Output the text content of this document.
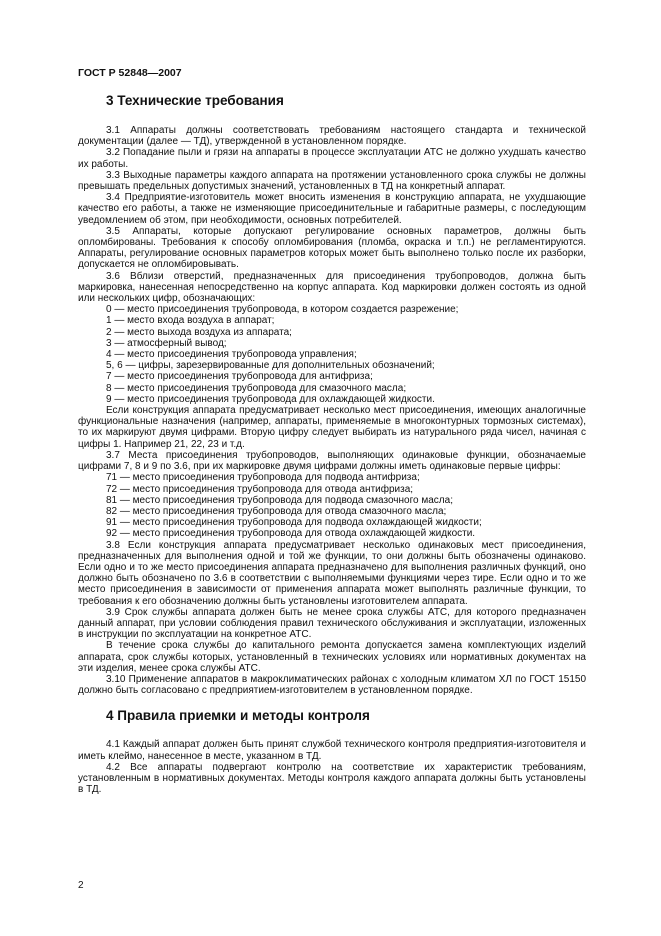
ГОСТ Р 52848—2007
3 Технические требования

3.1 Аппараты должны соответствовать требованиям настоящего стандарта и технической документации (далее — ТД), утвержденной в установленном порядке.

3.2 Попадание пыли и грязи на аппараты в процессе эксплуатации АТС не должно ухудшать качество их работы.

3.3 Выходные параметры каждого аппарата на протяжении установленного срока службы не должны превышать предельных допустимых значений, установленных в ТД на конкретный аппарат.

3.4 Предприятие-изготовитель может вносить изменения в конструкцию аппарата, не ухудшающие качество его работы, а также не изменяющие присоединительные и габаритные размеры, с последующим уведомлением об этом, при необходимости, основных потребителей.

3.5 Аппараты, которые допускают регулирование основных параметров, должны быть опломбированы. Требования к способу опломбирования (пломба, окраска и т.п.) не регламентируются. Аппараты, регулирование основных параметров которых может быть выполнено только после их разборки, допускается не опломбировывать.

3.6 Вблизи отверстий, предназначенных для присоединения трубопроводов, должна быть маркировка, нанесенная непосредственно на корпус аппарата. Код маркировки должен состоять из одной или нескольких цифр, обозначающих:

0 — место присоединения трубопровода, в котором создается разрежение;

1 — место входа воздуха в аппарат;

2 — место выхода воздуха из аппарата;

3 — атмосферный вывод;

4 — место присоединения трубопровода управления;

5, 6 — цифры, зарезервированные для дополнительных обозначений;

7 — место присоединения трубопровода для антифриза;

8 — место присоединения трубопровода для смазочного масла;

9 — место присоединения трубопровода для охлаждающей жидкости.

Если конструкция аппарата предусматривает несколько мест присоединения, имеющих аналогичные функциональные назначения (например, аппараты, применяемые в многоконтурных тормозных системах), то их маркируют двумя цифрами. Вторую цифру следует выбирать из натурального ряда чисел, начиная с цифры 1. Например 21, 22, 23 и т.д.

3.7 Места присоединения трубопроводов, выполняющих одинаковые функции, обозначаемые цифрами 7, 8 и 9 по 3.6, при их маркировке двумя цифрами должны иметь одинаковые первые цифры:

71 — место присоединения трубопровода для подвода антифриза;

72 — место присоединения трубопровода для отвода антифриза;

81 — место присоединения трубопровода для подвода смазочного масла;

82 — место присоединения трубопровода для отвода смазочного масла;

91 — место присоединения трубопровода для подвода охлаждающей жидкости;

92 — место присоединения трубопровода для отвода охлаждающей жидкости.

3.8 Если конструкция аппарата предусматривает несколько одинаковых мест присоединения, предназначенных для выполнения одной и той же функции, то они должны быть обозначены одинаково. Если одно и то же место присоединения аппарата предназначено для выполнения различных функций, оно должно быть обозначено по 3.6 в соответствии с выполняемыми функциями через тире. Если одно и то же место присоединения в зависимости от применения аппарата может выполнять различные функции, то требования к его обозначению должны быть установлены изготовителем аппарата.

3.9 Срок службы аппарата должен быть не менее срока службы АТС, для которого предназначен данный аппарат, при условии соблюдения правил технического обслуживания и эксплуатации, изложенных в инструкции по эксплуатации на конкретное АТС.

В течение срока службы до капитального ремонта допускается замена комплектующих изделий аппарата, срок службы которых, установленный в технических условиях или нормативных документах на эти изделия, менее срока службы АТС.

3.10 Применение аппаратов в макроклиматических районах с холодным климатом ХЛ по ГОСТ 15150 должно быть согласовано с предприятием-изготовителем в установленном порядке.

4 Правила приемки и методы контроля

4.1 Каждый аппарат должен быть принят службой технического контроля предприятия-изготовителя и иметь клеймо, нанесенное в месте, указанном в ТД.

4.2 Все аппараты подвергают контролю на соответствие их характеристик требованиям, установленным в нормативных документах. Методы контроля каждого аппарата должны быть установлены в ТД.

2
